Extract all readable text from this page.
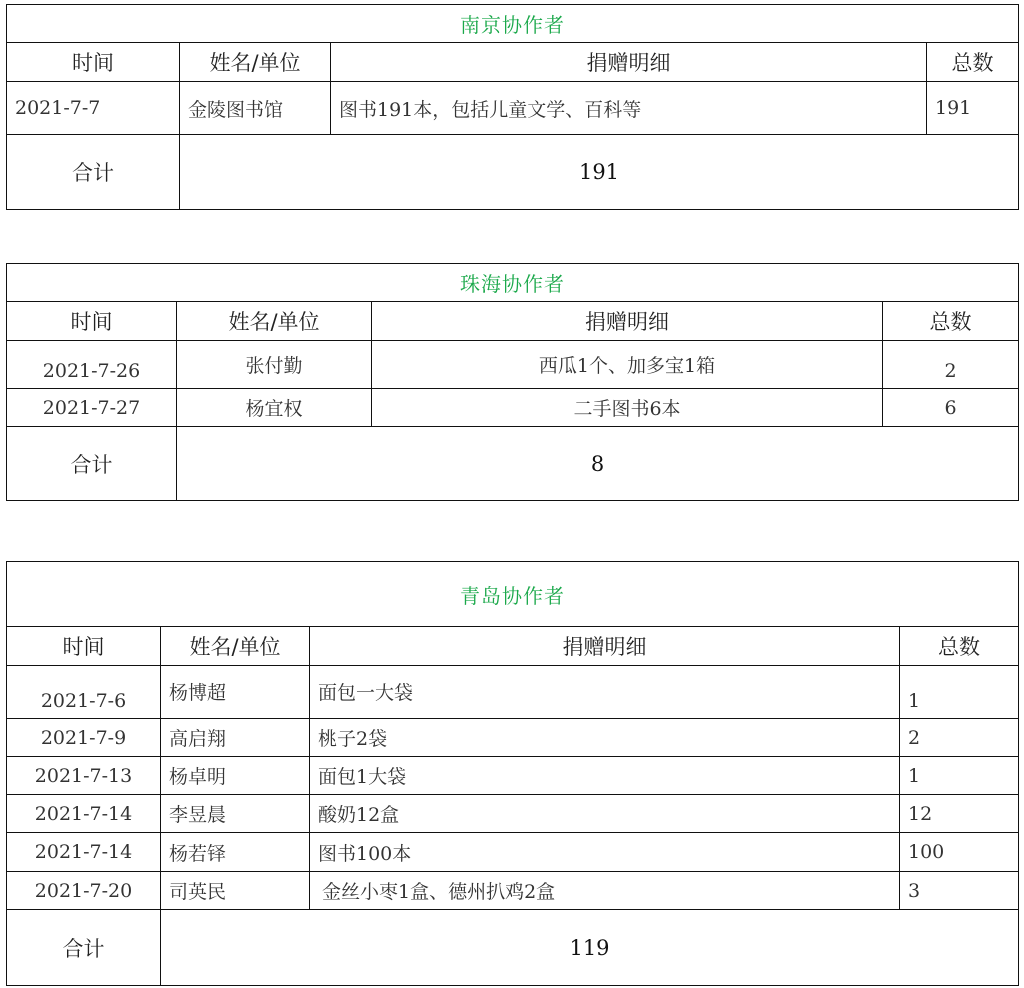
南京协作者			
时间	姓名/单位	捐赠明细	总数
2021-7-7	金陵图书馆	图书191本，包括儿童文学、百科等	191
合计	191		
珠海协作者			
时间	姓名/单位	捐赠明细	总数
2021-7-26	张付勤	西瓜1个、加多宝1箱	2
2021-7-27	杨宜权	二手图书6本	6
合计	8		
青岛协作者			
时间	姓名/单位	捐赠明细	总数
2021-7-6	杨博超	面包一大袋	1
2021-7-9	高启翔	桃子2袋	2
2021-7-13	杨卓明	面包1大袋	1
2021-7-14	李昱晨	酸奶12盒	12
2021-7-14	杨若铎	图书100本	100
2021-7-20	司英民	金丝小枣1盒、德州扒鸡2盒	3
合计	119		
